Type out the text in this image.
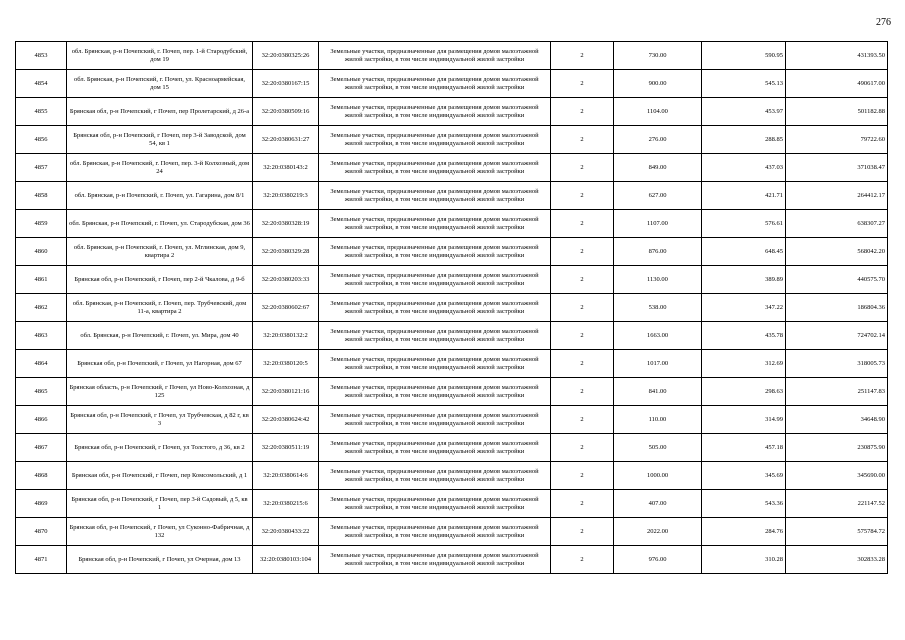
276
4853	обл. Брянская, р-н Почепский, г. Почеп, пер. 1-й Стародубский, дом 19	32:20:0380325:26	Земельные участки, предназначенные для размещения домов малоэтажной жилой застройки, в том числе индивидуальной жилой застройки	2	730.00	590.95	431393.50
4854	обл. Брянская, р-н Почепский, г. Почеп, ул. Красноармейская, дом 15	32:20:0380167:15	Земельные участки, предназначенные для размещения домов малоэтажной жилой застройки, в том числе индивидуальной жилой застройки	2	900.00	545.13	490617.00
4855	Брянская обл, р-н Почепский, г Почеп, пер Пролетарский, д 26-а	32:20:0380509:16	Земельные участки, предназначенные для размещения домов малоэтажной жилой застройки, в том числе индивидуальной жилой застройки	2	1104.00	453.97	501182.88
4856	Брянская обл, р-н Почепский, г Почеп, пер 3-й Заводской, дом 54, кв 1	32:20:0380631:27	Земельные участки, предназначенные для размещения домов малоэтажной жилой застройки, в том числе индивидуальной жилой застройки	2	276.00	288.85	79722.60
4857	обл. Брянская, р-н Почепский, г. Почеп, пер. 3-й Колхозный, дом 24	32:20:0380143:2	Земельные участки, предназначенные для размещения домов малоэтажной жилой застройки, в том числе индивидуальной жилой застройки	2	849.00	437.03	371038.47
4858	обл. Брянская, р-н Почепский, г. Почеп, ул. Гагарина, дом 8/1	32:20:0380219:3	Земельные участки, предназначенные для размещения домов малоэтажной жилой застройки, в том числе индивидуальной жилой застройки	2	627.00	421.71	264412.17
4859	обл. Брянская, р-н Почепский, г. Почеп, ул. Стародубская, дом 36	32:20:0380328:19	Земельные участки, предназначенные для размещения домов малоэтажной жилой застройки, в том числе индивидуальной жилой застройки	2	1107.00	576.61	638307.27
4860	обл. Брянская, р-н Почепский, г. Почеп, ул. Мглинская, дом 9, квартира 2	32:20:0380329:28	Земельные участки, предназначенные для размещения домов малоэтажной жилой застройки, в том числе индивидуальной жилой застройки	2	876.00	648.45	568042.20
4861	Брянская обл, р-н Почепский, г Почеп, пер 2-й Чкалова, д 9-б	32:20:0380203:33	Земельные участки, предназначенные для размещения домов малоэтажной жилой застройки, в том числе индивидуальной жилой застройки	2	1130.00	389.89	440575.70
4862	обл. Брянская, р-н Почепский, г. Почеп, пер. Трубчевский, дом 11-а, квартира 2	32:20:0380602:67	Земельные участки, предназначенные для размещения домов малоэтажной жилой застройки, в том числе индивидуальной жилой застройки	2	538.00	347.22	186804.36
4863	обл. Брянская, р-н Почепский, г. Почеп, ул. Мира, дом 40	32:20:0380132:2	Земельные участки, предназначенные для размещения домов малоэтажной жилой застройки, в том числе индивидуальной жилой застройки	2	1663.00	435.78	724702.14
4864	Брянская обл, р-н Почепский, г Почеп, ул Нагорная, дом 67	32:20:0380120:5	Земельные участки, предназначенные для размещения домов малоэтажной жилой застройки, в том числе индивидуальной жилой застройки	2	1017.00	312.69	318005.73
4865	Брянская область, р-н Почепский, г Почеп, ул Ново-Колхозная, д 125	32:20:0380121:16	Земельные участки, предназначенные для размещения домов малоэтажной жилой застройки, в том числе индивидуальной жилой застройки	2	841.00	298.63	251147.83
4866	Брянская обл, р-н Почепский, г Почеп, ул Трубчевская, д 82 г, кв 3	32:20:0380624:42	Земельные участки, предназначенные для размещения домов малоэтажной жилой застройки, в том числе индивидуальной жилой застройки	2	110.00	314.99	34648.90
4867	Брянская обл, р-н Почепский, г Почеп, ул Толстого, д 36, кв 2	32:20:0380511:19	Земельные участки, предназначенные для размещения домов малоэтажной жилой застройки, в том числе индивидуальной жилой застройки	2	505.00	457.18	230875.90
4868	Брянская обл, р-н Почепский, г Почеп, пер Комсомольский, д 1	32:20:0380614:6	Земельные участки, предназначенные для размещения домов малоэтажной жилой застройки, в том числе индивидуальной жилой застройки	2	1000.00	345.69	345690.00
4869	Брянская обл, р-н Почепский, г Почеп, пер 3-й Садовый, д 5, кв 1	32:20:0380215:6	Земельные участки, предназначенные для размещения домов малоэтажной жилой застройки, в том числе индивидуальной жилой застройки	2	407.00	543.36	221147.52
4870	Брянская обл, р-н Почепский, г Почеп, ул Суконно-Фабричная, д 132	32:20:0380433:22	Земельные участки, предназначенные для размещения домов малоэтажной жилой застройки, в том числе индивидуальной жилой застройки	2	2022.00	284.76	575784.72
4871	Брянская обл, р-н Почепский, г Почеп, ул Очерная, дом 13	32:20:0380103:104	Земельные участки, предназначенные для размещения домов малоэтажной жилой застройки, в том числе индивидуальной жилой застройки	2	976.00	310.28	302833.28
